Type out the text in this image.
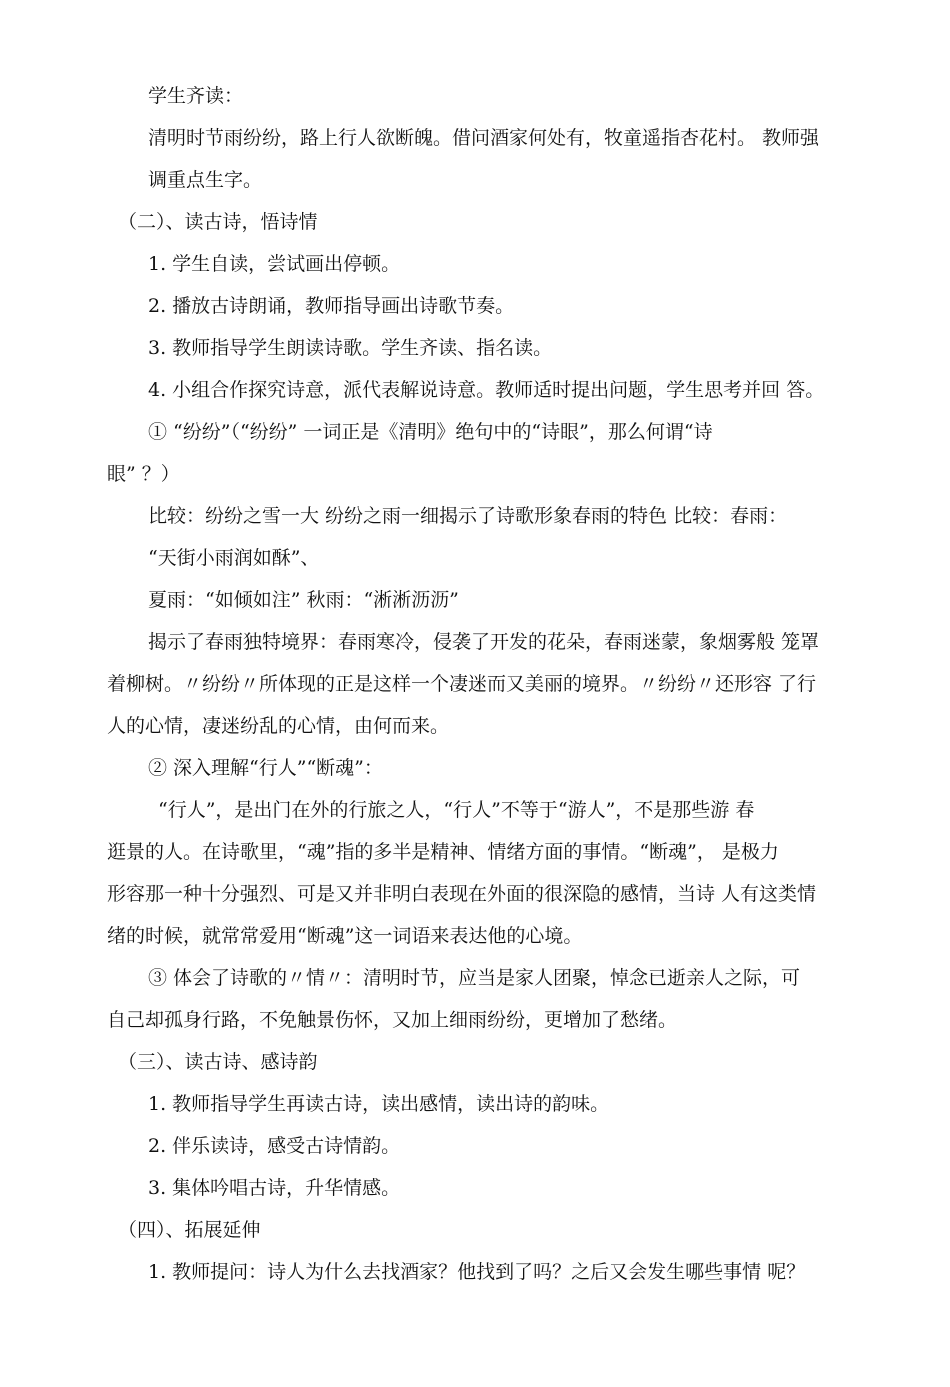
学生齐读：
清明时节雨纷纷，路上行人欲断魄。借问酒家何处有，牧童遥指杏花村。 教师强
调重点生字。
（二）、读古诗，悟诗情
1. 学生自读，尝试画出停顿。
2. 播放古诗朗诵，教师指导画出诗歌节奏。
3. 教师指导学生朗读诗歌。学生齐读、指名读。
4. 小组合作探究诗意，派代表解说诗意。教师适时提出问题，学生思考并回 答。
① “纷纷”（“纷纷” 一词正是《清明》绝句中的“诗眼”，那么何谓“诗
眼” ？）
比较：纷纷之雪一大 纷纷之雨一细揭示了诗歌形象春雨的特色 比较：春雨：
“天街小雨润如酥”、
夏雨：“如倾如注” 秋雨：“淅淅沥沥”
揭示了春雨独特境界：春雨寒冷，侵袭了开发的花朵，春雨迷蒙，象烟雾般 笼罩
着柳树。〃纷纷〃所体现的正是这样一个凄迷而又美丽的境界。〃纷纷〃还形容 了行
人的心情，凄迷纷乱的心情，由何而来。
② 深入理解“行人”“断魂”：
“行人”，是出门在外的行旅之人，“行人”不等于“游人”，不是那些游 春
逛景的人。在诗歌里，“魂”指的多半是精神、情绪方面的事情。“断魂”， 是极力
形容那一种十分强烈、可是又并非明白表现在外面的很深隐的感情，当诗 人有这类情
绪的时候，就常常爱用“断魂”这一词语来表达他的心境。
③ 体会了诗歌的〃情〃：清明时节，应当是家人团聚，悼念已逝亲人之际，可
自己却孤身行路，不免触景伤怀，又加上细雨纷纷，更增加了愁绪。
（三）、读古诗、感诗韵
1. 教师指导学生再读古诗，读出感情，读出诗的韵味。
2. 伴乐读诗，感受古诗情韵。
3. 集体吟唱古诗，升华情感。
（四）、拓展延伸
1. 教师提问：诗人为什么去找酒家？他找到了吗？之后又会发生哪些事情 呢？
